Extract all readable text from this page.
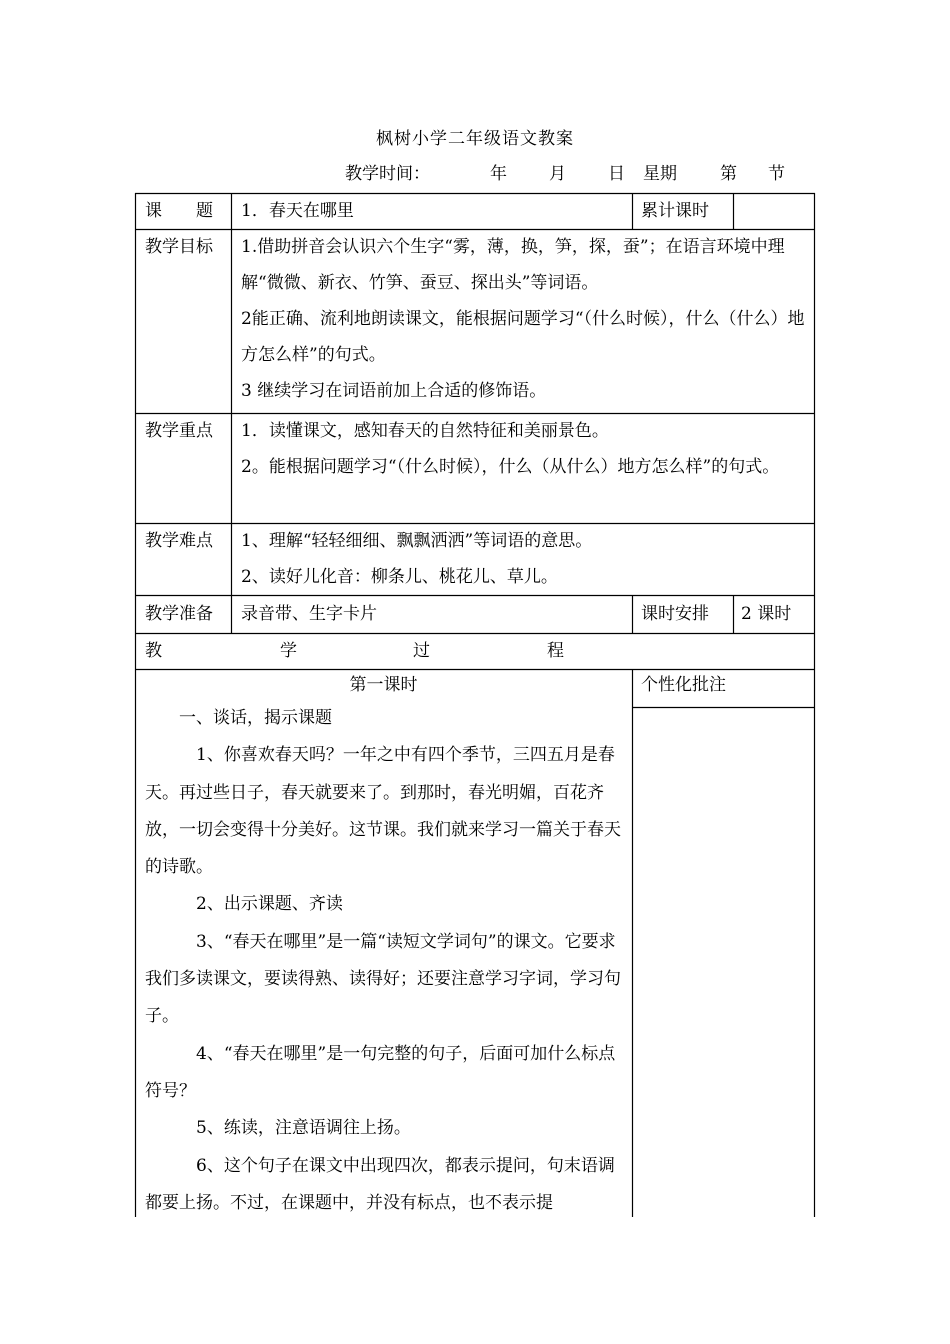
枫树小学二年级语文教案
教学时间：	年 月 日 星期	第 节
课　　题 1．春天在哪里	累计课时
教学目标 1.借助拼音会认识六个生字“雾，薄，换，笋，探，蚕”；在语言环境中理解“微微、新衣、竹笋、蚕豆、探出头”等词语。

2能正确、流利地朗读课文，能根据问题学习“（什么时候），什么（什么）地方怎么样”的句式。

3 继续学习在词语前加上合适的修饰语。

教学重点 1．读懂课文，感知春天的自然特征和美丽景色。

2。能根据问题学习“（什么时候），什么（从什么）地方怎么样”的句式。

教学难点 1、理解“轻轻细细、飘飘洒洒”等词语的意思。

2、读好儿化音：柳条儿、桃花儿、草儿。

教学准备 录音带、生字卡片	课时安排 2 课时
教	学	过	程
第一课时	个性化批注

一、谈话，揭示课题

1、你喜欢春天吗？一年之中有四个季节，三四五月是春天。再过些日子，春天就要来了。到那时，春光明媚，百花齐放，一切会变得十分美好。这节课。我们就来学习一篇关于春天的诗歌。

2、出示课题、齐读

3、“春天在哪里”是一篇“读短文学词句”的课文。它要求我们多读课文，要读得熟、读得好；还要注意学习字词，学习句子。

4、“春天在哪里”是一句完整的句子，后面可加什么标点符号？

5、练读，注意语调往上扬。

6、这个句子在课文中出现四次，都表示提问，句末语调都要上扬。不过，在课题中，并没有标点，也不表示提
